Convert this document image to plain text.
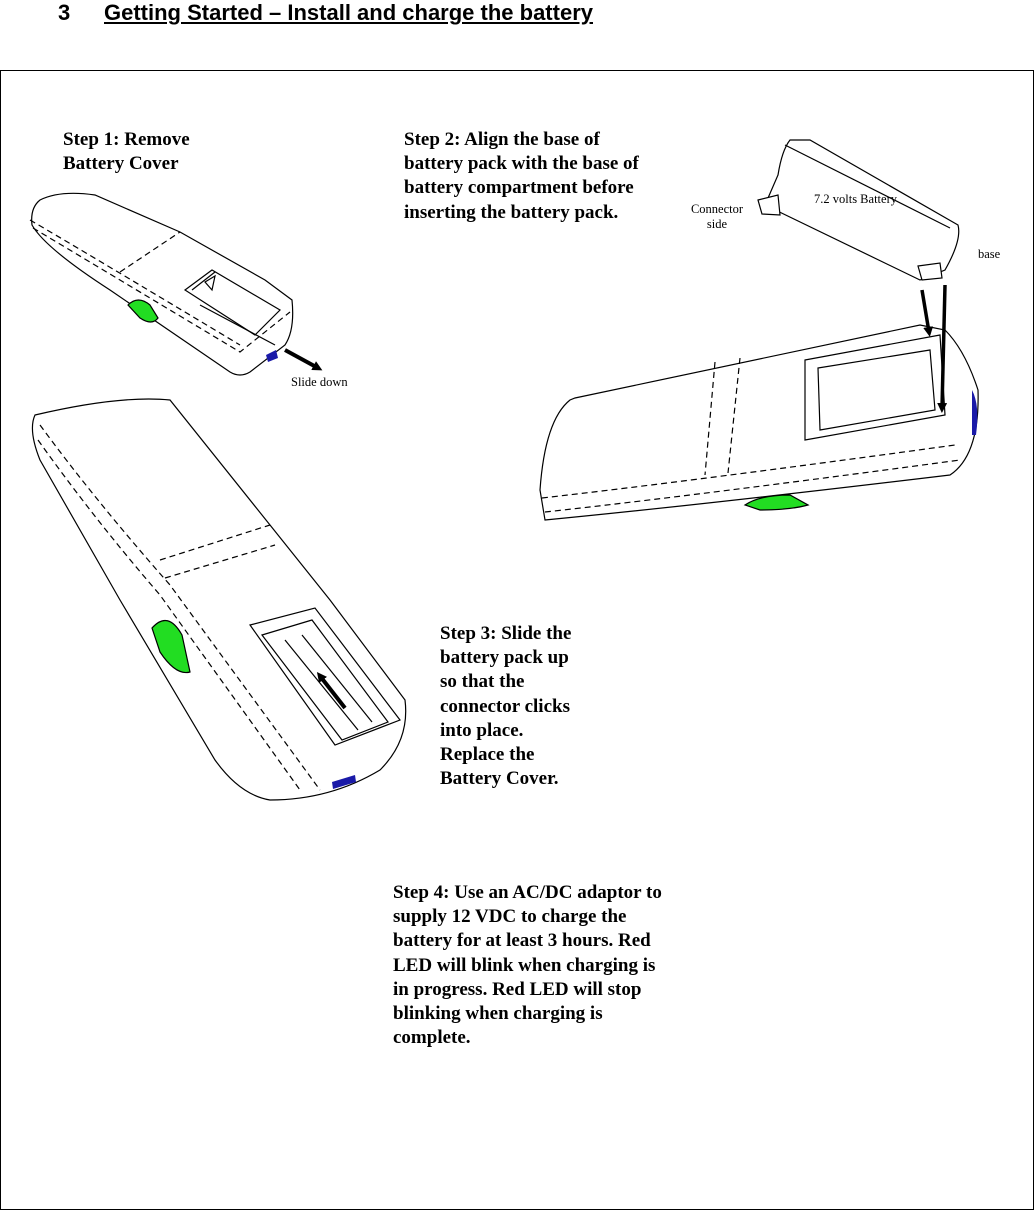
3 Getting Started – Install and charge the battery
Step 1: Remove
Battery Cover
Step 2: Align the base of
battery pack with the base of
battery compartment before
inserting the battery pack.
Step 3: Slide the
battery pack up
so that the
connector clicks
into place.
Replace the
Battery Cover.
Step 4: Use an AC/DC adaptor to
supply 12 VDC to charge the
battery for at least 3 hours. Red
LED will blink when charging is
in progress. Red LED will stop
blinking when charging is
complete.
Slide down
7.2 volts Battery
Connector
side
base
